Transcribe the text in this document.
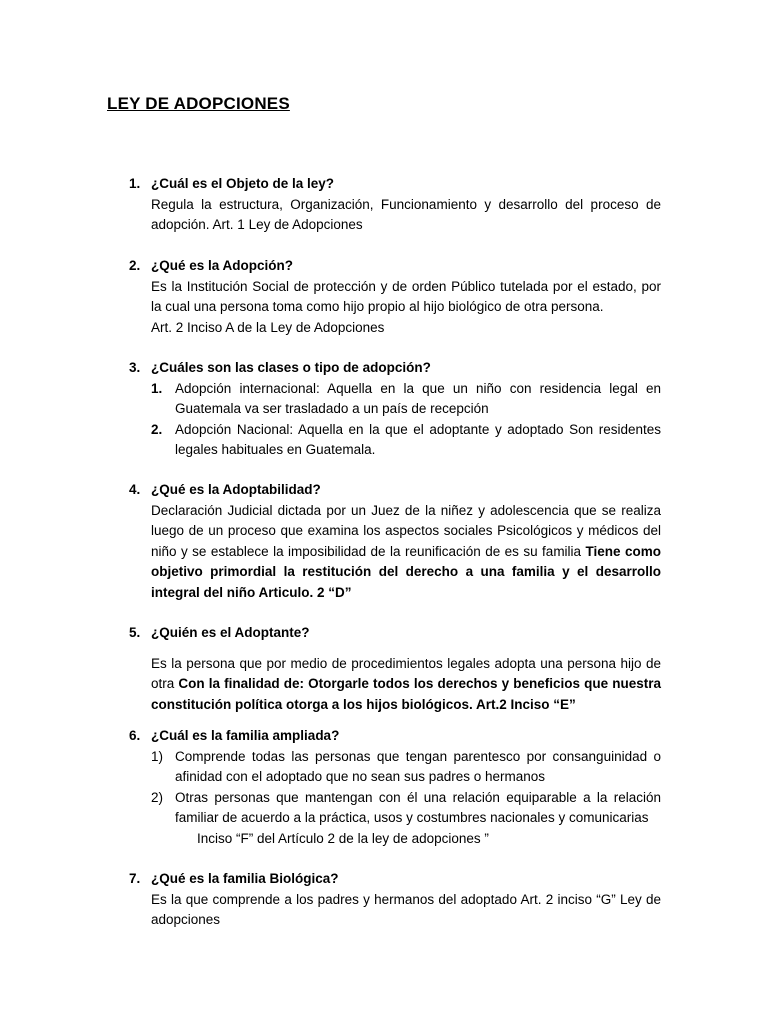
LEY DE ADOPCIONES
1. ¿Cuál es el Objeto de la ley?
Regula la estructura, Organización, Funcionamiento y desarrollo del proceso de adopción. Art. 1 Ley de Adopciones
2. ¿Qué es la Adopción?
Es la Institución Social de protección y de orden Público tutelada por el estado, por la cual una persona toma como hijo propio al hijo biológico de otra persona.
Art. 2 Inciso A de la Ley de Adopciones
3. ¿Cuáles son las clases o tipo de adopción?
1. Adopción internacional: Aquella en la que un niño con residencia legal en Guatemala va ser trasladado a un país de recepción
2. Adopción Nacional: Aquella en la que el adoptante y adoptado Son residentes legales habituales en Guatemala.
4. ¿Qué es la Adoptabilidad?
Declaración Judicial dictada por un Juez de la niñez y adolescencia que se realiza luego de un proceso que examina los aspectos sociales Psicológicos y médicos del niño y se establece la imposibilidad de la reunificación de es su familia Tiene como objetivo primordial la restitución del derecho a una familia y el desarrollo integral del niño Articulo. 2 “D”
5. ¿Quién es el Adoptante?
Es la persona que por medio de procedimientos legales adopta una persona hijo de otra Con la finalidad de: Otorgarle todos los derechos y beneficios que nuestra constitución política otorga a los hijos biológicos. Art.2 Inciso “E”
6. ¿Cuál es la familia ampliada?
1) Comprende todas las personas que tengan parentesco por consanguinidad o afinidad con el adoptado que no sean sus padres o hermanos
2) Otras personas que mantengan con él una relación equiparable a la relación familiar de acuerdo a la práctica, usos y costumbres nacionales y comunicarias
Inciso “F” del Artículo 2 de la ley de adopciones ”
7. ¿Qué es la familia Biológica?
Es la que comprende a los padres y hermanos del adoptado Art. 2 inciso “G” Ley de adopciones
